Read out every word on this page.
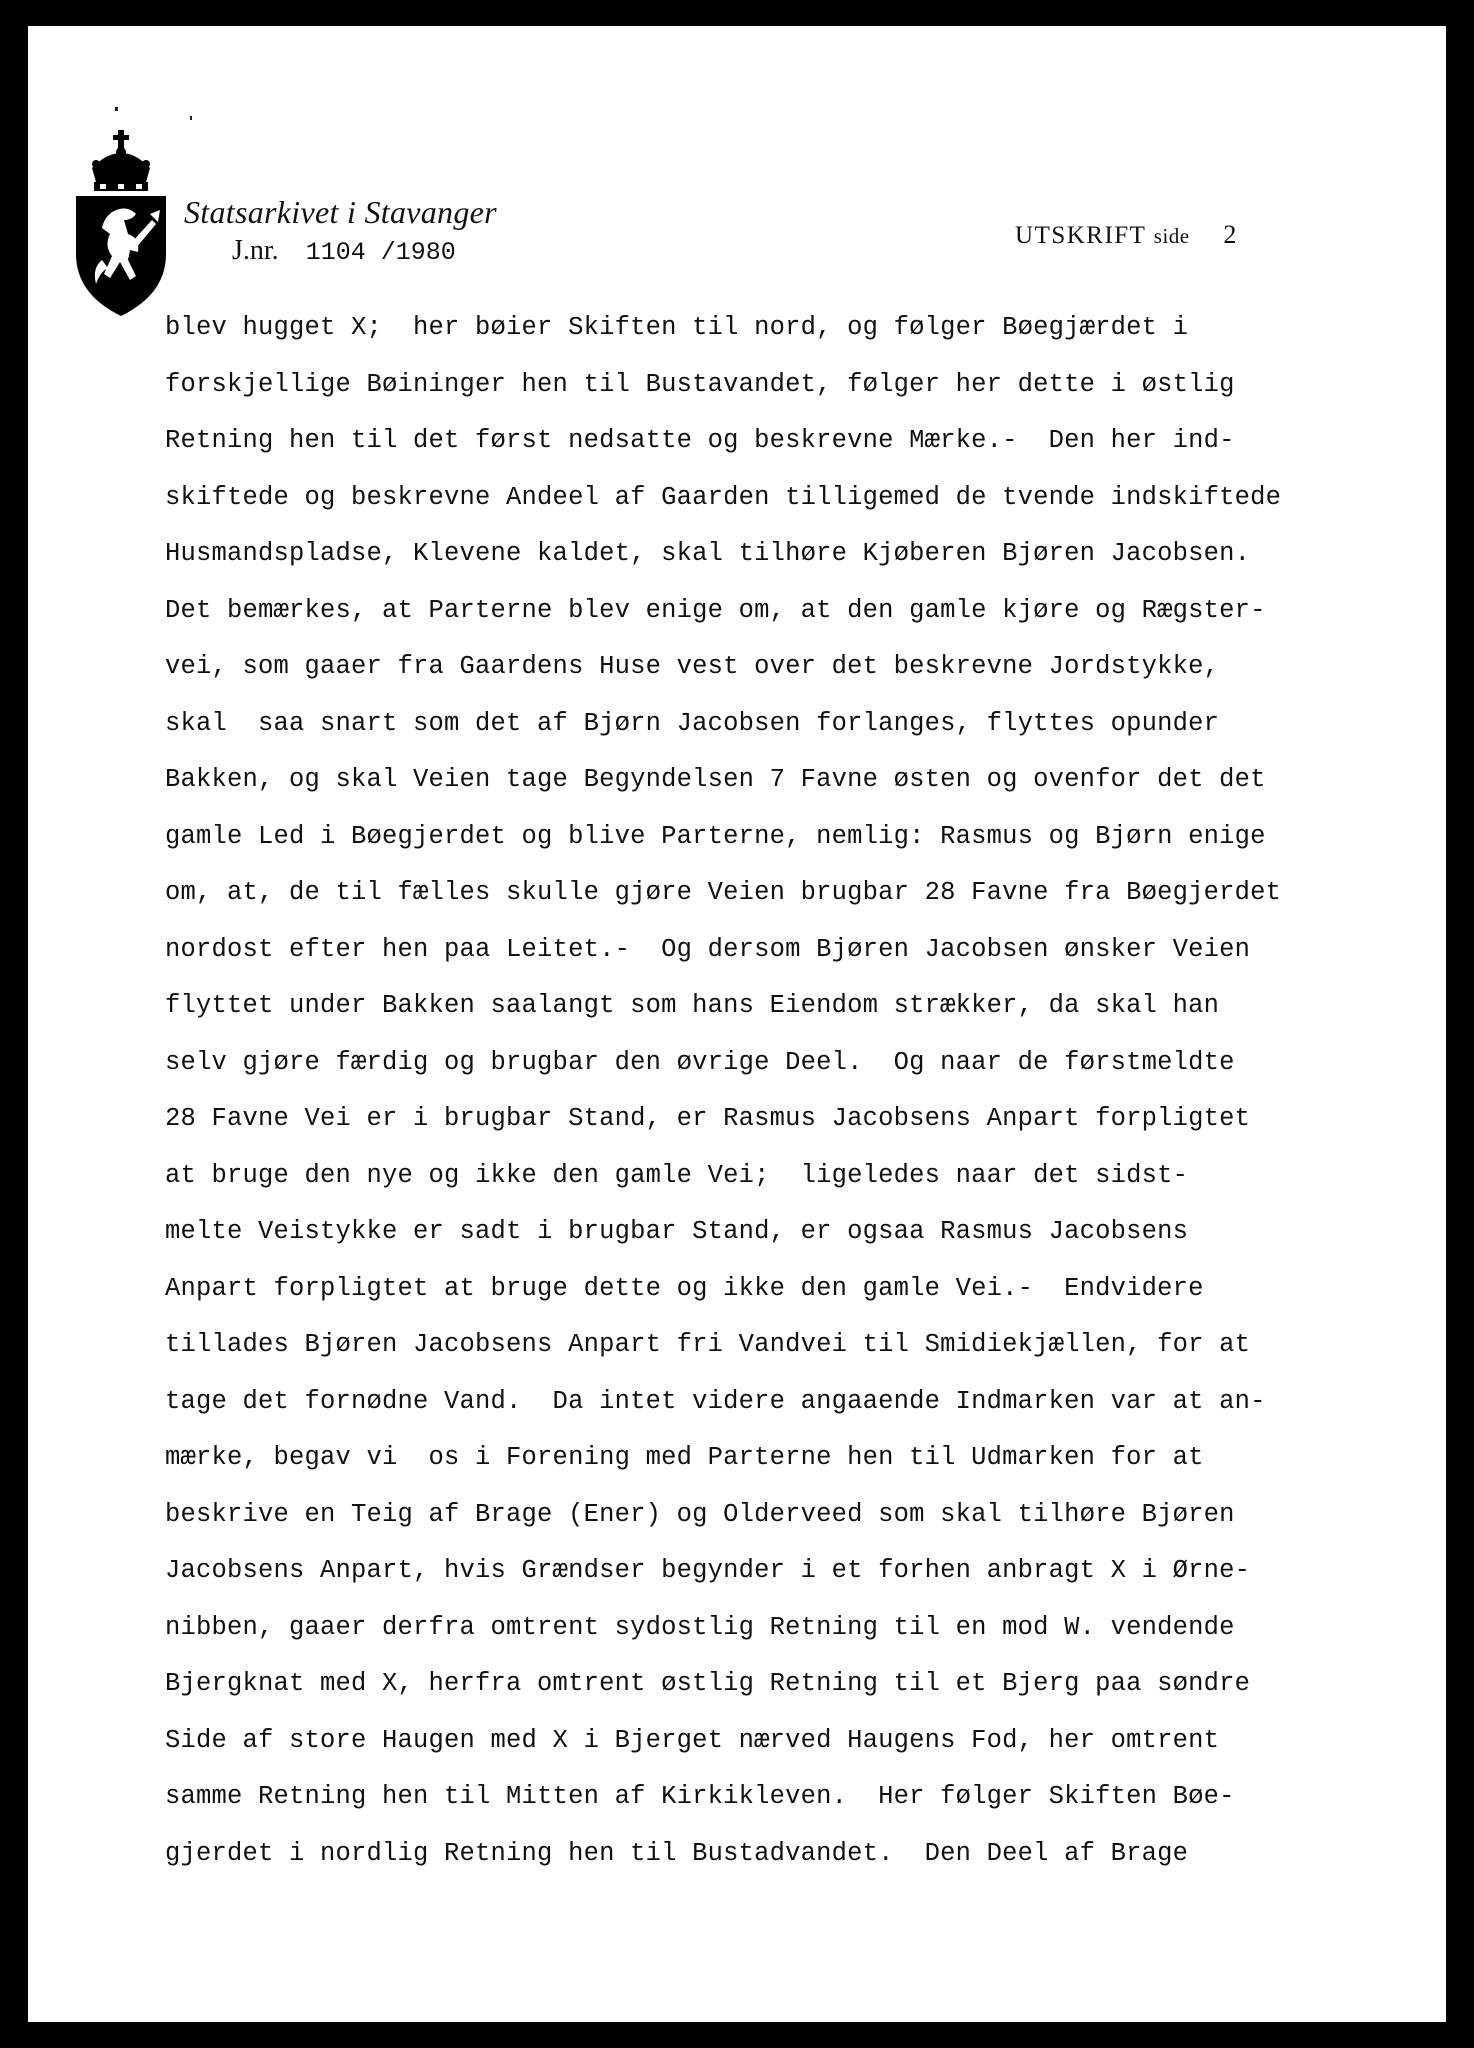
Statsarkivet i Stavanger
J.nr. 1104 /1980
UTSKRIFT side 2
blev hugget X;  her bøier Skiften til nord, og følger Bøegjærdet i
forskjellige Bøininger hen til Bustavandet, følger her dette i østlig
Retning hen til det først nedsatte og beskrevne Mærke.-  Den her ind-
skiftede og beskrevne Andeel af Gaarden tilligemed de tvende indskiftede
Husmandspladse, Klevene kaldet, skal tilhøre Kjøberen Bjøren Jacobsen.
Det bemærkes, at Parterne blev enige om, at den gamle kjøre og Rægster-
vei, som gaaer fra Gaardens Huse vest over det beskrevne Jordstykke,
skal  saa snart som det af Bjørn Jacobsen forlanges, flyttes opunder
Bakken, og skal Veien tage Begyndelsen 7 Favne østen og ovenfor det det
gamle Led i Bøegjerdet og blive Parterne, nemlig: Rasmus og Bjørn enige
om, at, de til fælles skulle gjøre Veien brugbar 28 Favne fra Bøegjerdet
nordost efter hen paa Leitet.-  Og dersom Bjøren Jacobsen ønsker Veien
flyttet under Bakken saalangt som hans Eiendom strækker, da skal han
selv gjøre færdig og brugbar den øvrige Deel.  Og naar de førstmeldte
28 Favne Vei er i brugbar Stand, er Rasmus Jacobsens Anpart forpligtet
at bruge den nye og ikke den gamle Vei;  ligeledes naar det sidst-
melte Veistykke er sadt i brugbar Stand, er ogsaa Rasmus Jacobsens
Anpart forpligtet at bruge dette og ikke den gamle Vei.-  Endvidere
tillades Bjøren Jacobsens Anpart fri Vandvei til Smidiekjællen, for at
tage det fornødne Vand.  Da intet videre angaaende Indmarken var at an-
mærke, begav vi  os i Forening med Parterne hen til Udmarken for at
beskrive en Teig af Brage (Ener) og Olderveed som skal tilhøre Bjøren
Jacobsens Anpart, hvis Grændser begynder i et forhen anbragt X i Ørne-
nibben, gaaer derfra omtrent sydostlig Retning til en mod W. vendende
Bjergknat med X, herfra omtrent østlig Retning til et Bjerg paa søndre
Side af store Haugen med X i Bjerget nærved Haugens Fod, her omtrent
samme Retning hen til Mitten af Kirkikleven.  Her følger Skiften Bøe-
gjerdet i nordlig Retning hen til Bustadvandet.  Den Deel af Brage
